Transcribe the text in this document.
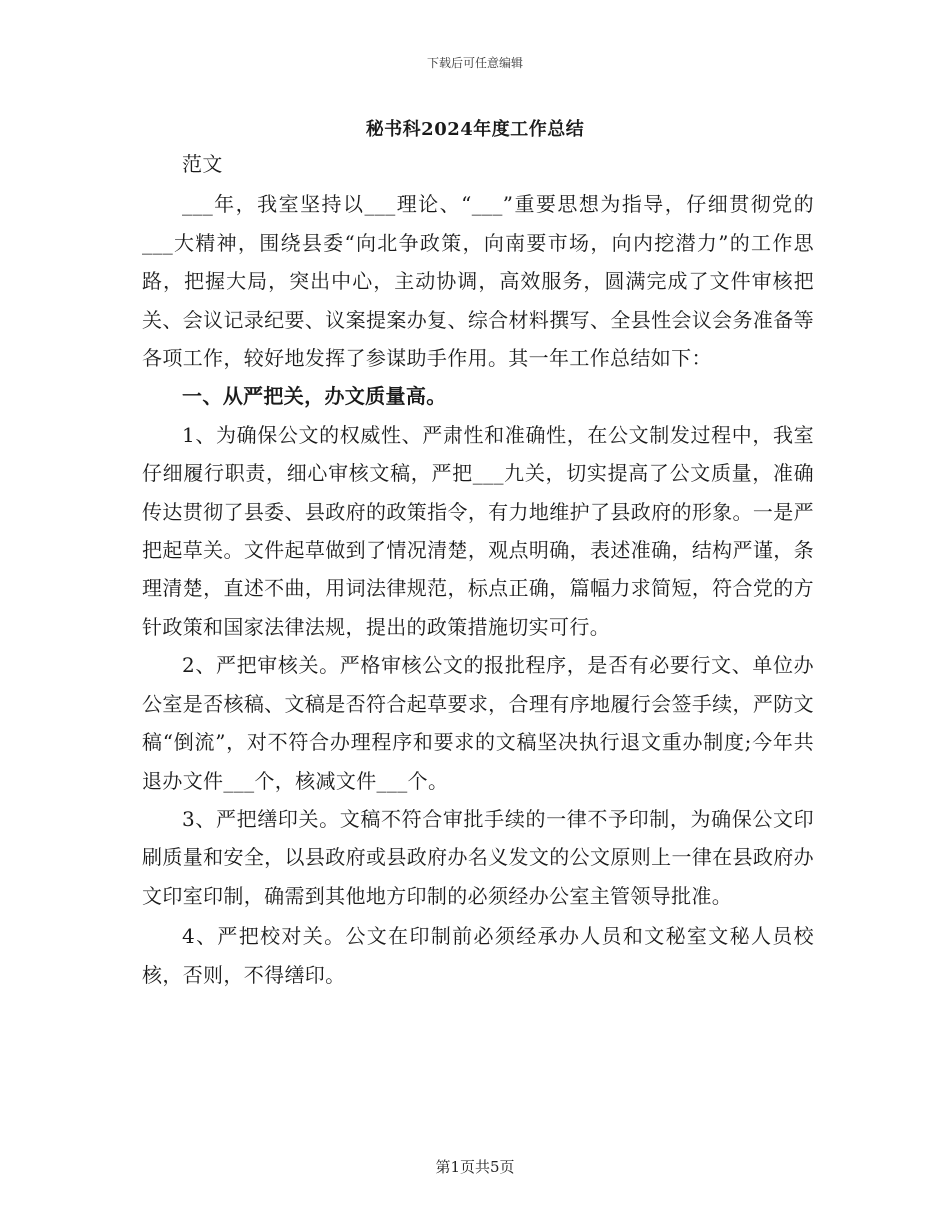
下载后可任意编辑
秘书科2024年度工作总结

范文

___年，我室坚持以___理论、“___”重要思想为指导，仔细贯彻党的___大精神，围绕县委“向北争政策，向南要市场，向内挖潜力”的工作思路，把握大局，突出中心，主动协调，高效服务，圆满完成了文件审核把关、会议记录纪要、议案提案办复、综合材料撰写、全县性会议会务准备等各项工作，较好地发挥了参谋助手作用。其一年工作总结如下：

一、从严把关，办文质量高。

1、为确保公文的权威性、严肃性和准确性，在公文制发过程中，我室仔细履行职责，细心审核文稿，严把___九关，切实提高了公文质量，准确传达贯彻了县委、县政府的政策指令，有力地维护了县政府的形象。一是严把起草关。文件起草做到了情况清楚，观点明确，表述准确，结构严谨，条理清楚，直述不曲，用词法律规范，标点正确，篇幅力求简短，符合党的方针政策和国家法律法规，提出的政策措施切实可行。

2、严把审核关。严格审核公文的报批程序，是否有必要行文、单位办公室是否核稿、文稿是否符合起草要求，合理有序地履行会签手续，严防文稿“倒流”，对不符合办理程序和要求的文稿坚决执行退文重办制度;今年共退办文件___个，核减文件___个。

3、严把缮印关。文稿不符合审批手续的一律不予印制，为确保公文印刷质量和安全，以县政府或县政府办名义发文的公文原则上一律在县政府办文印室印制，确需到其他地方印制的必须经办公室主管领导批准。

4、严把校对关。公文在印制前必须经承办人员和文秘室文秘人员校核，否则，不得缮印。

第1页共5页
